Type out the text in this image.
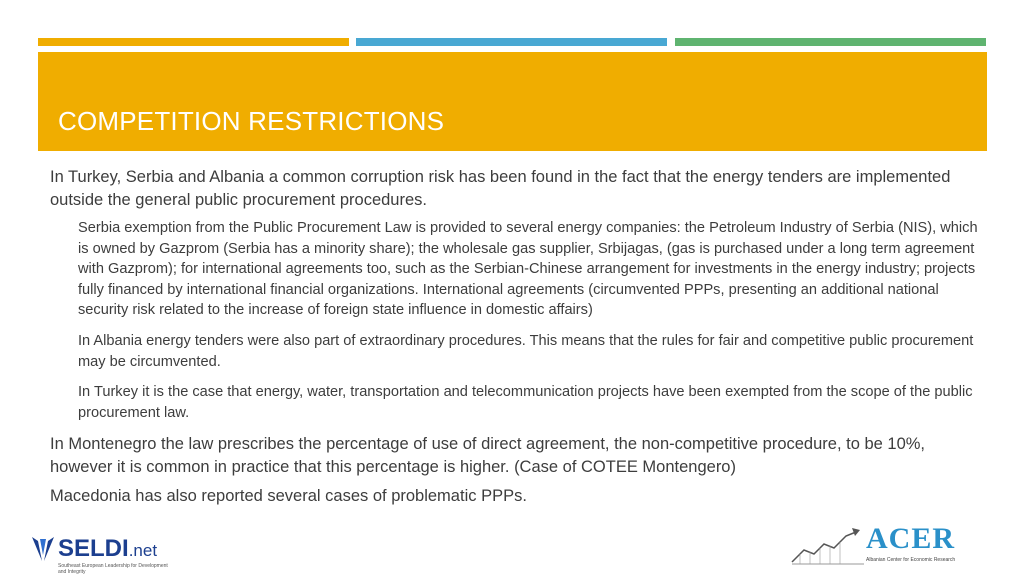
COMPETITION RESTRICTIONS

In Turkey, Serbia and Albania a common corruption risk has been found in the fact that the energy tenders are implemented outside the general public procurement procedures.

Serbia exemption from the Public Procurement Law is provided to several energy companies: the Petroleum Industry of Serbia (NIS), which is owned by Gazprom (Serbia has a minority share); the wholesale gas supplier, Srbijagas, (gas is purchased under a long term agreement with Gazprom); for international agreements too, such as the Serbian-Chinese arrangement for investments in the energy industry; projects fully financed by international financial organizations. International agreements (circumvented PPPs, presenting an additional national security risk related to the increase of foreign state influence in domestic affairs)

In Albania energy tenders were also part of extraordinary procedures. This means that the rules for fair and competitive public procurement may be circumvented.

In Turkey it is the case that energy, water, transportation and telecommunication projects have been exempted from the scope of the public procurement law.

In Montenegro the law prescribes the percentage of use of direct agreement, the non-competitive procedure, to be 10%, however it is common in practice that this percentage is higher. (Case of COTEE Montengero)

Macedonia has also reported several cases of problematic PPPs.

SELDI.net
Southeast European Leadership for Development and Integrity
ACER
Albanian Center for Economic Research
